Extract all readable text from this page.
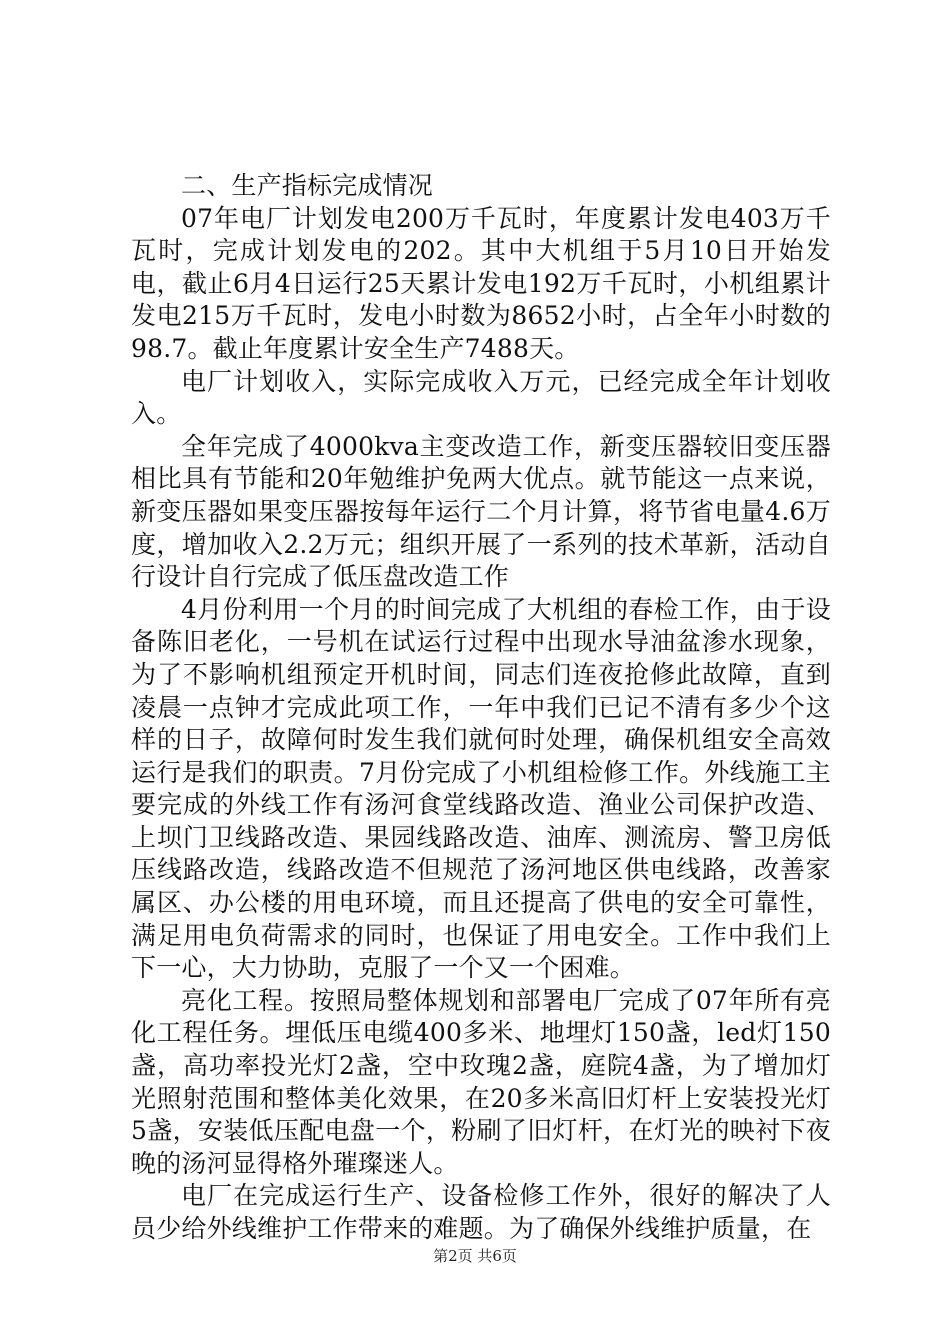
二、生产指标完成情况

07年电厂计划发电200万千瓦时，年度累计发电403万千瓦时，完成计划发电的202。其中大机组于5月10日开始发电，截止6月4日运行25天累计发电192万千瓦时，小机组累计发电215万千瓦时，发电小时数为8652小时，占全年小时数的98.7。截止年度累计安全生产7488天。

电厂计划收入，实际完成收入万元，已经完成全年计划收入。

全年完成了4000kva主变改造工作，新变压器较旧变压器相比具有节能和20年勉维护免两大优点。就节能这一点来说，新变压器如果变压器按每年运行二个月计算，将节省电量4.6万度，增加收入2.2万元；组织开展了一系列的技术革新，活动自行设计自行完成了低压盘改造工作

4月份利用一个月的时间完成了大机组的春检工作，由于设备陈旧老化，一号机在试运行过程中出现水导油盆渗水现象，为了不影响机组预定开机时间，同志们连夜抢修此故障，直到凌晨一点钟才完成此项工作，一年中我们已记不清有多少个这样的日子，故障何时发生我们就何时处理，确保机组安全高效运行是我们的职责。7月份完成了小机组检修工作。外线施工主要完成的外线工作有汤河食堂线路改造、渔业公司保护改造、上坝门卫线路改造、果园线路改造、油库、测流房、警卫房低压线路改造，线路改造不但规范了汤河地区供电线路，改善家属区、办公楼的用电环境，而且还提高了供电的安全可靠性，满足用电负荷需求的同时，也保证了用电安全。工作中我们上下一心，大力协助，克服了一个又一个困难。

亮化工程。按照局整体规划和部署电厂完成了07年所有亮化工程任务。埋低压电缆400多米、地埋灯150盏，led灯150盏，高功率投光灯2盏，空中玫瑰2盏，庭院4盏，为了增加灯光照射范围和整体美化效果，在20多米高旧灯杆上安装投光灯5盏，安装低压配电盘一个，粉刷了旧灯杆，在灯光的映衬下夜晚的汤河显得格外璀璨迷人。

电厂在完成运行生产、设备检修工作外，很好的解决了人员少给外线维护工作带来的难题。为了确保外线维护质量，在

第2页 共6页
